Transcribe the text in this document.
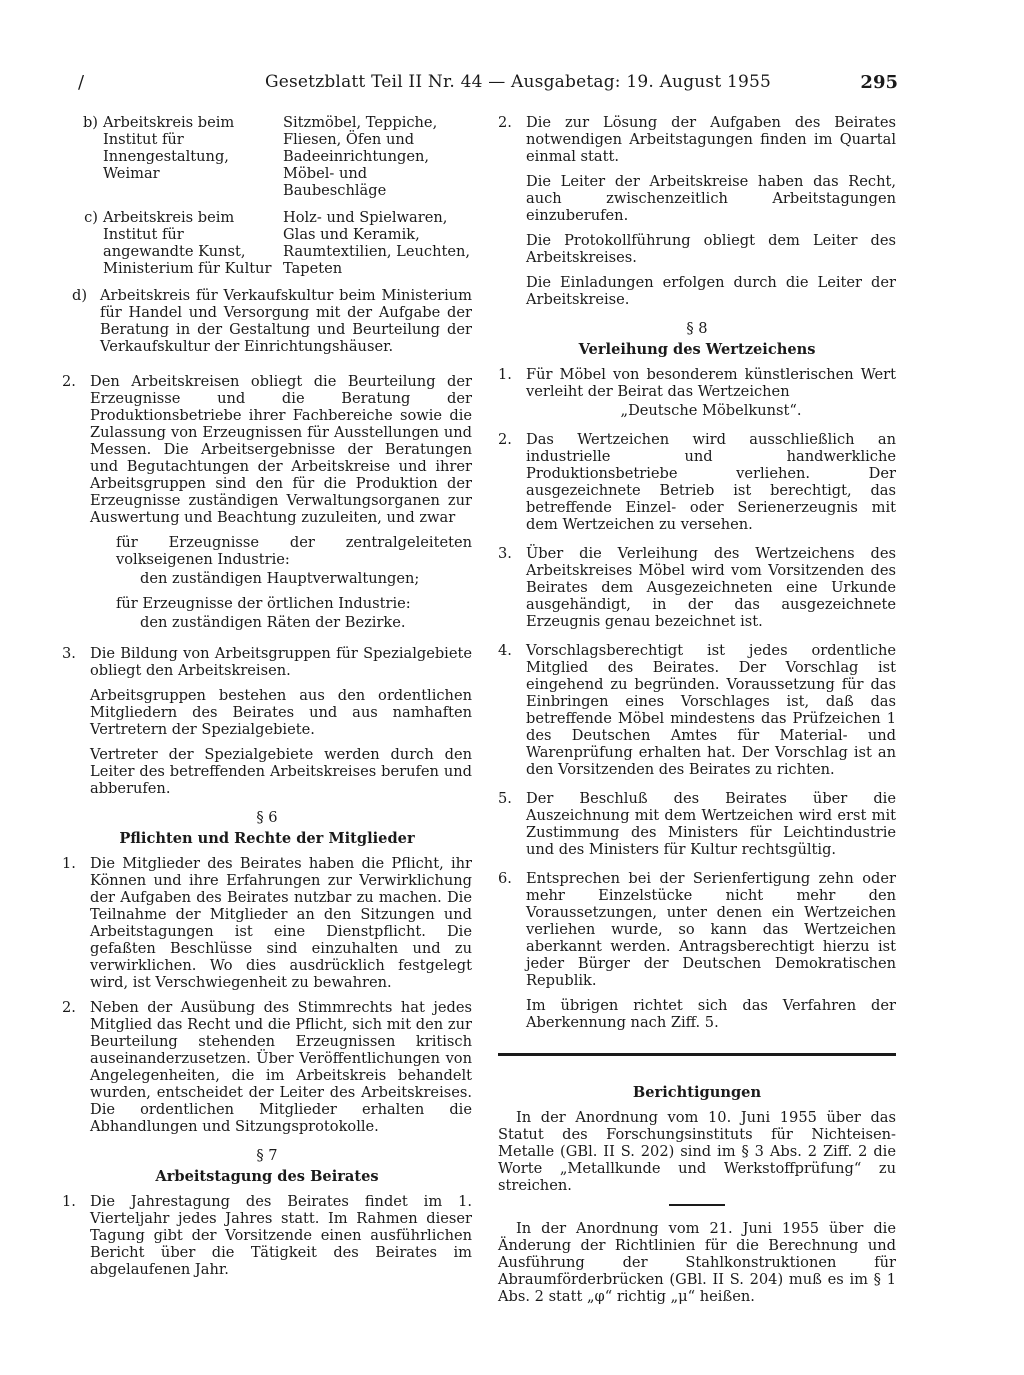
/	Gesetzblatt Teil II Nr. 44 — Ausgabetag: 19. August 1955	295
b) Arbeitskreis beim Institut für Innengestaltung, Weimar
Sitzmöbel, Teppiche, Fliesen, Öfen und Badeeinrichtungen, Möbel- und Baubeschläge
c) Arbeitskreis beim Institut für angewandte Kunst, Ministerium für Kultur
Holz- und Spielwaren, Glas und Keramik, Raumtextilien, Leuchten, Tapeten
d) Arbeitskreis für Verkaufskultur beim Ministerium für Handel und Versorgung mit der Aufgabe der Beratung in der Gestaltung und Beurteilung der Verkaufskultur der Einrichtungshäuser.
2. Den Arbeitskreisen obliegt die Beurteilung der Erzeugnisse und die Beratung der Produktionsbetriebe ihrer Fachbereiche sowie die Zulassung von Erzeugnissen für Ausstellungen und Messen. Die Arbeitsergebnisse der Beratungen und Begutachtungen der Arbeitskreise und ihrer Arbeitsgruppen sind den für die Produktion der Erzeugnisse zuständigen Verwaltungsorganen zur Auswertung und Beachtung zuzuleiten, und zwar
für Erzeugnisse der zentralgeleiteten volkseigenen Industrie:
den zuständigen Hauptverwaltungen;
für Erzeugnisse der örtlichen Industrie:
den zuständigen Räten der Bezirke.
3. Die Bildung von Arbeitsgruppen für Spezialgebiete obliegt den Arbeitskreisen.
Arbeitsgruppen bestehen aus den ordentlichen Mitgliedern des Beirates und aus namhaften Vertretern der Spezialgebiete.
Vertreter der Spezialgebiete werden durch den Leiter des betreffenden Arbeitskreises berufen und abberufen.
§ 6
Pflichten und Rechte der Mitglieder
1. Die Mitglieder des Beirates haben die Pflicht, ihr Können und ihre Erfahrungen zur Verwirklichung der Aufgaben des Beirates nutzbar zu machen. Die Teilnahme der Mitglieder an den Sitzungen und Arbeitstagungen ist eine Dienstpflicht. Die gefaßten Beschlüsse sind einzuhalten und zu verwirklichen. Wo dies ausdrücklich festgelegt wird, ist Verschwiegenheit zu bewahren.
2. Neben der Ausübung des Stimmrechts hat jedes Mitglied das Recht und die Pflicht, sich mit den zur Beurteilung stehenden Erzeugnissen kritisch auseinanderzusetzen. Über Veröffentlichungen von Angelegenheiten, die im Arbeitskreis behandelt wurden, entscheidet der Leiter des Arbeitskreises. Die ordentlichen Mitglieder erhalten die Abhandlungen und Sitzungsprotokolle.
§ 7
Arbeitstagung des Beirates
1. Die Jahrestagung des Beirates findet im 1. Vierteljahr jedes Jahres statt. Im Rahmen dieser Tagung gibt der Vorsitzende einen ausführlichen Bericht über die Tätigkeit des Beirates im abgelaufenen Jahr.
2. Die zur Lösung der Aufgaben des Beirates notwendigen Arbeitstagungen finden im Quartal einmal statt.
Die Leiter der Arbeitskreise haben das Recht, auch zwischenzeitlich Arbeitstagungen einzuberufen.
Die Protokollführung obliegt dem Leiter des Arbeitskreises.
Die Einladungen erfolgen durch die Leiter der Arbeitskreise.
§ 8
Verleihung des Wertzeichens
1. Für Möbel von besonderem künstlerischen Wert verleiht der Beirat das Wertzeichen
„Deutsche Möbelkunst“.
2. Das Wertzeichen wird ausschließlich an industrielle und handwerkliche Produktionsbetriebe verliehen. Der ausgezeichnete Betrieb ist berechtigt, das betreffende Einzel- oder Serienerzeugnis mit dem Wertzeichen zu versehen.
3. Über die Verleihung des Wertzeichens des Arbeitskreises Möbel wird vom Vorsitzenden des Beirates dem Ausgezeichneten eine Urkunde ausgehändigt, in der das ausgezeichnete Erzeugnis genau bezeichnet ist.
4. Vorschlagsberechtigt ist jedes ordentliche Mitglied des Beirates. Der Vorschlag ist eingehend zu begründen. Voraussetzung für das Einbringen eines Vorschlages ist, daß das betreffende Möbel mindestens das Prüfzeichen 1 des Deutschen Amtes für Material- und Warenprüfung erhalten hat. Der Vorschlag ist an den Vorsitzenden des Beirates zu richten.
5. Der Beschluß des Beirates über die Auszeichnung mit dem Wertzeichen wird erst mit Zustimmung des Ministers für Leichtindustrie und des Ministers für Kultur rechtsgültig.
6. Entsprechen bei der Serienfertigung zehn oder mehr Einzelstücke nicht mehr den Voraussetzungen, unter denen ein Wertzeichen verliehen wurde, so kann das Wertzeichen aberkannt werden. Antragsberechtigt hierzu ist jeder Bürger der Deutschen Demokratischen Republik.
Im übrigen richtet sich das Verfahren der Aberkennung nach Ziff. 5.
Berichtigungen
In der Anordnung vom 10. Juni 1955 über das Statut des Forschungsinstituts für Nichteisen-Metalle (GBl. II S. 202) sind im § 3 Abs. 2 Ziff. 2 die Worte „Metallkunde und Werkstoffprüfung“ zu streichen.
In der Anordnung vom 21. Juni 1955 über die Änderung der Richtlinien für die Berechnung und Ausführung der Stahlkonstruktionen für Abraumförderbrücken (GBl. II S. 204) muß es im § 1 Abs. 2 statt „φ“ richtig „μ“ heißen.
